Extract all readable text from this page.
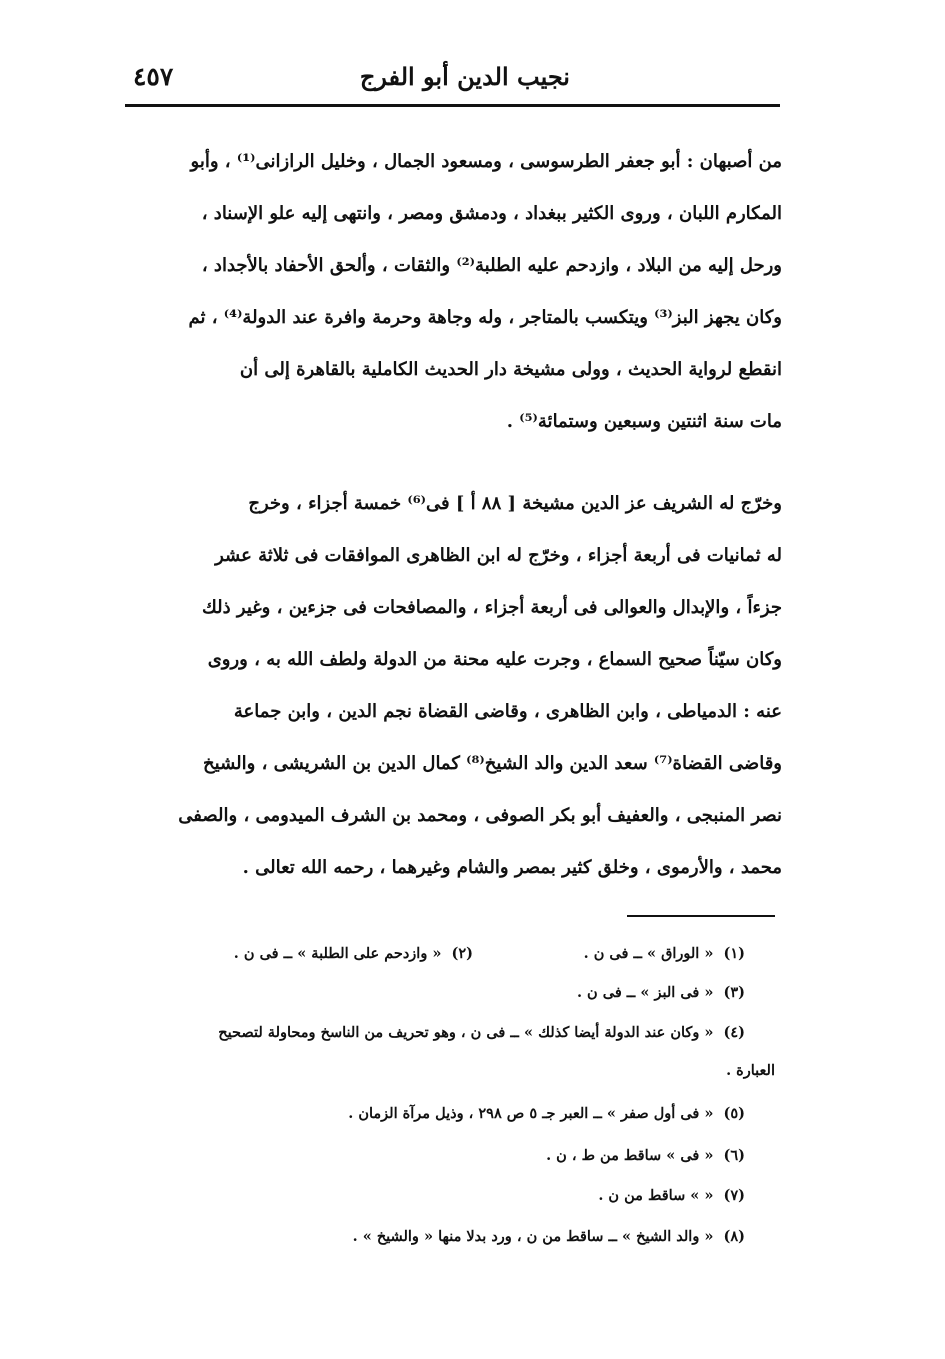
نجيب الدين أبو الفرج
٤٥٧
من أصبهان : أبو جعفر الطرسوسى ، ومسعود الجمال ، وخليل الرازانى⁽¹⁾ ، وأبو
المكارم اللبان ، وروى الكثير ببغداد ، ودمشق ومصر ، وانتهى إليه علو الإسناد ،
ورحل إليه من البلاد ، وازدحم عليه الطلبة⁽²⁾ والثقات ، وألحق الأحفاد بالأجداد ،
وكان يجهز البز⁽³⁾ ويتكسب بالمتاجر ، وله وجاهة وحرمة وافرة عند الدولة⁽⁴⁾ ، ثم
انقطع لرواية الحديث ، وولى مشيخة دار الحديث الكاملية بالقاهرة إلى أن
مات سنة اثنتين وسبعين وستمائة⁽⁵⁾ .
وخرّج له الشريف عز الدين مشيخة [ ٨٨ أ ] فى⁽⁶⁾ خمسة أجزاء ، وخرج
له ثمانيات فى أربعة أجزاء ، وخرّج له ابن الظاهرى الموافقات فى ثلاثة عشر
جزءاً ، والإبدال والعوالى فى أربعة أجزاء ، والمصافحات فى جزءين ، وغير ذلك
وكان سيّناً صحيح السماع ، وجرت عليه محنة من الدولة ولطف الله به ، وروى
عنه : الدمياطى ، وابن الظاهرى ، وقاضى القضاة نجم الدين ، وابن جماعة
وقاضى القضاة⁽⁷⁾ سعد الدين والد الشيخ⁽⁸⁾ كمال الدين بن الشريشى ، والشيخ
نصر المنبجى ، والعفيف أبو بكر الصوفى ، ومحمد بن الشرف الميدومى ، والصفى
محمد ، والأرموى ، وخلق كثير بمصر والشام وغيرهما ، رحمه الله تعالى .
(١)« الوراق » ــ فى ن .
(٢)« وازدحم على الطلبة » ــ فى ن .
(٣)« فى البز » ــ فى ن .
(٤)« وكان عند الدولة أيضا كذلك » ــ فى ن ، وهو تحريف من الناسخ ومحاولة لتصحيح
العبارة .
(٥)« فى أول صفر » ــ العبر جـ ٥ ص ٢٩٨ ، وذيل مرآة الزمان .
(٦)« فى » ساقط من ط ، ن .
(٧)« » ساقط من ن .
(٨)« والد الشيخ » ــ ساقط من ن ، ورد بدلا منها « والشيخ » .
